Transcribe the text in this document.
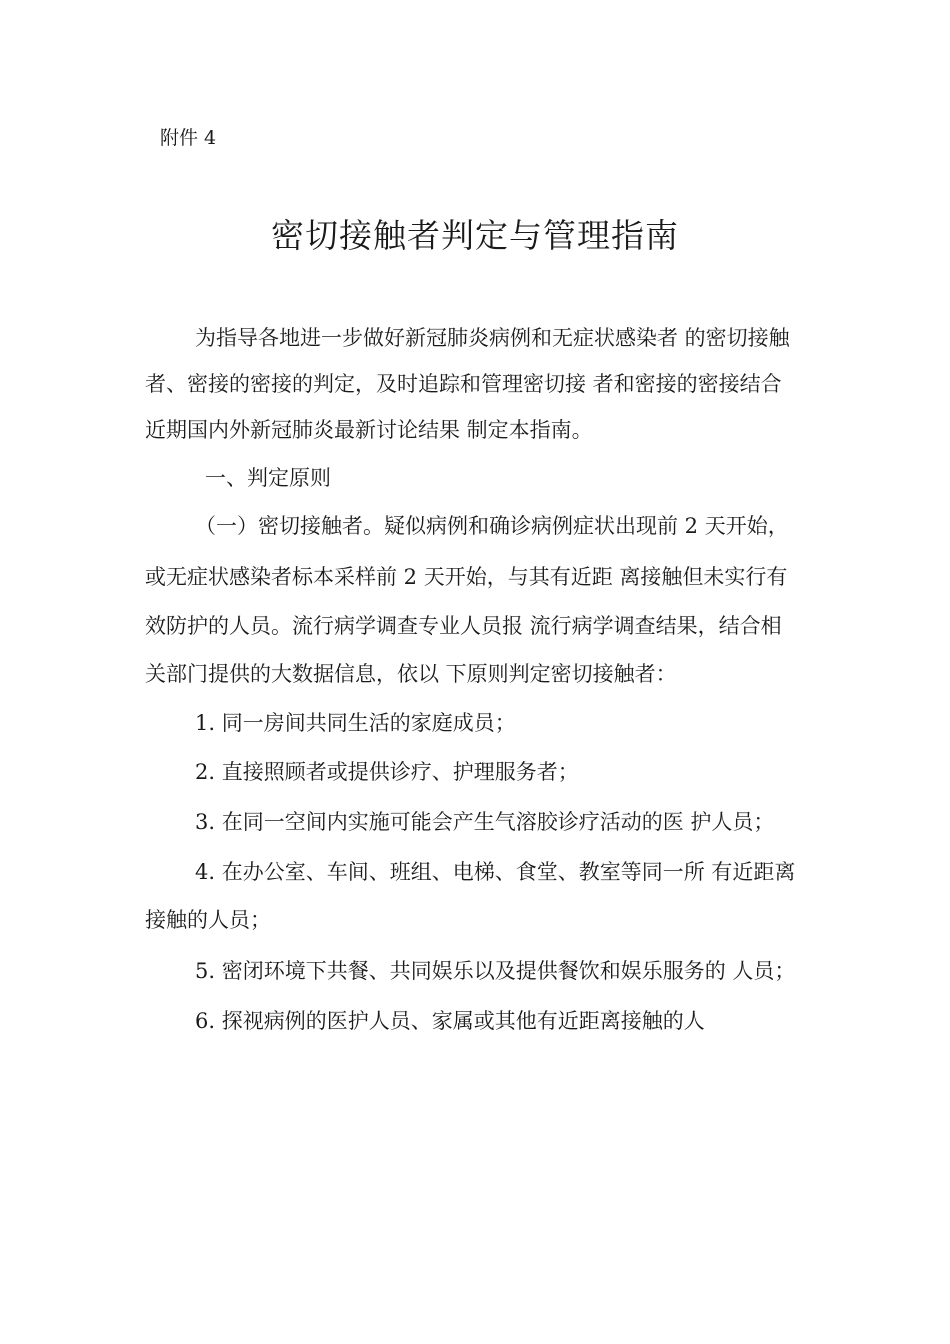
附件 4
密切接触者判定与管理指南
为指导各地进一步做好新冠肺炎病例和无症状感染者 的密切接触
者、密接的密接的判定，及时追踪和管理密切接 者和密接的密接结合
近期国内外新冠肺炎最新讨论结果 制定本指南。
一、判定原则
（一）密切接触者。疑似病例和确诊病例症状出现前 2 天开始，
或无症状感染者标本采样前 2 天开始，与其有近距 离接触但未实行有
效防护的人员。流行病学调查专业人员报 流行病学调查结果，结合相
关部门提供的大数据信息，依以 下原则判定密切接触者：
1. 同一房间共同生活的家庭成员；
2. 直接照顾者或提供诊疗、护理服务者；
3. 在同一空间内实施可能会产生气溶胶诊疗活动的医 护人员；
4. 在办公室、车间、班组、电梯、食堂、教室等同一所 有近距离
接触的人员；
5. 密闭环境下共餐、共同娱乐以及提供餐饮和娱乐服务的 人员；
6. 探视病例的医护人员、家属或其他有近距离接触的人
